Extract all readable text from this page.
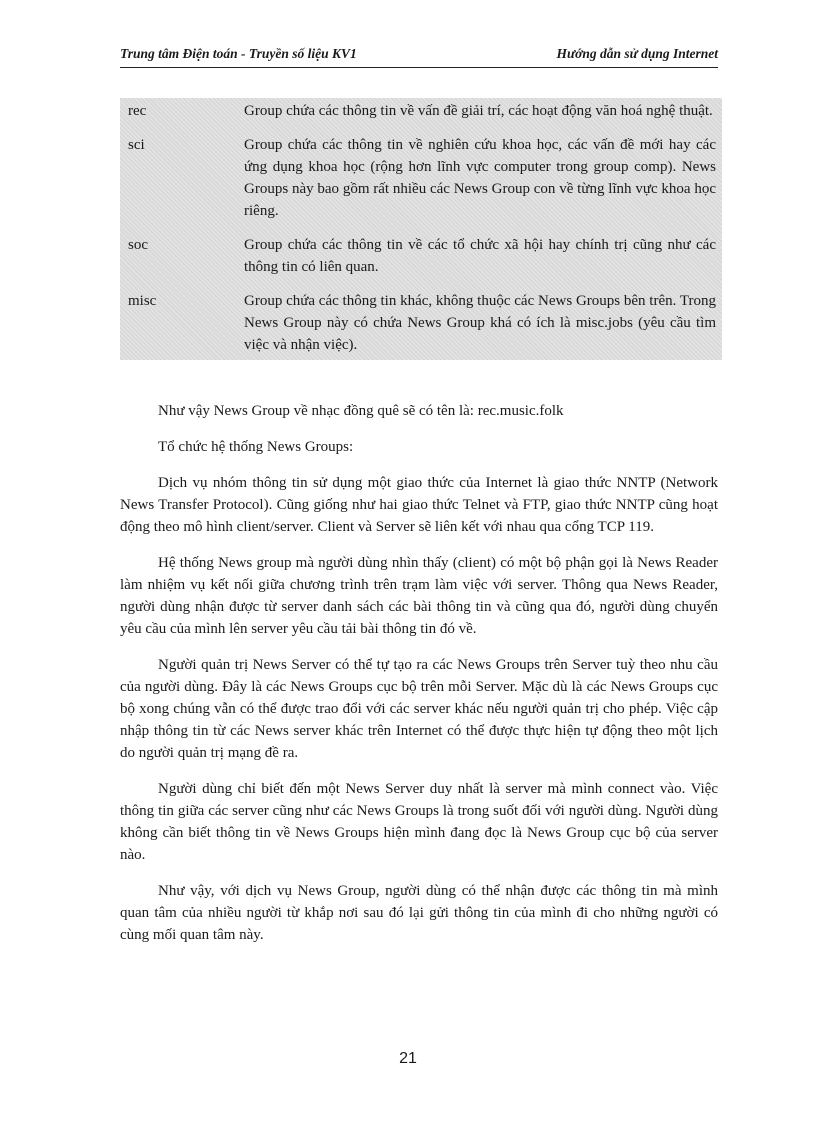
Trung tâm Điện toán - Truyền số liệu KV1	Hướng dẫn sử dụng Internet
rec	Group chứa các thông tin về vấn đề giải trí, các hoạt động văn hoá nghệ thuật.
sci	Group chứa các thông tin về nghiên cứu khoa học, các vấn đề mới hay các ứng dụng khoa học (rộng hơn lĩnh vực computer trong group comp). News Groups này bao gồm rất nhiều các News Group con về từng lĩnh vực khoa học riêng.
soc	Group chứa các thông tin về các tổ chức xã hội hay chính trị cũng như các thông tin có liên quan.
misc	Group chứa các thông tin khác, không thuộc các News Groups bên trên. Trong News Group này có chứa News Group khá có ích là misc.jobs (yêu cầu tìm việc và nhận việc).

Như vậy News Group về nhạc đồng quê sẽ có tên là: rec.music.folk

Tổ chức hệ thống News Groups:

Dịch vụ nhóm thông tin sử dụng một giao thức của Internet là giao thức NNTP (Network News Transfer Protocol). Cũng giống như hai giao thức Telnet và FTP, giao thức NNTP cũng hoạt động theo mô hình client/server. Client và Server sẽ liên kết với nhau qua cổng TCP 119.

Hệ thống News group mà người dùng nhìn thấy (client) có một bộ phận gọi là News Reader làm nhiệm vụ kết nối giữa chương trình trên trạm làm việc với server. Thông qua News Reader, người dùng nhận được từ server danh sách các bài thông tin và cũng qua đó, người dùng chuyển yêu cầu của mình lên server yêu cầu tải bài thông tin đó về.

Người quản trị News Server có thể tự tạo ra các News Groups trên Server tuỳ theo nhu cầu của người dùng. Đây là các News Groups cục bộ trên mỗi Server. Mặc dù là các News Groups cục bộ xong chúng vẫn có thể được trao đổi với các server khác nếu người quản trị cho phép. Việc cập nhập thông tin từ các News server khác trên Internet có thể được thực hiện tự động theo một lịch do người quản trị mạng đề ra.

Người dùng chỉ biết đến một News Server duy nhất là server mà mình connect vào. Việc thông tin giữa các server cũng như các News Groups là trong suốt đối với người dùng. Người dùng không cần biết thông tin về News Groups hiện mình đang đọc là News Group cục bộ của server nào.

Như vậy, với dịch vụ News Group, người dùng có thể nhận được các thông tin mà mình quan tâm của nhiều người từ khắp nơi sau đó lại gửi thông tin của mình đi cho những người có cùng mối quan tâm này.

21
